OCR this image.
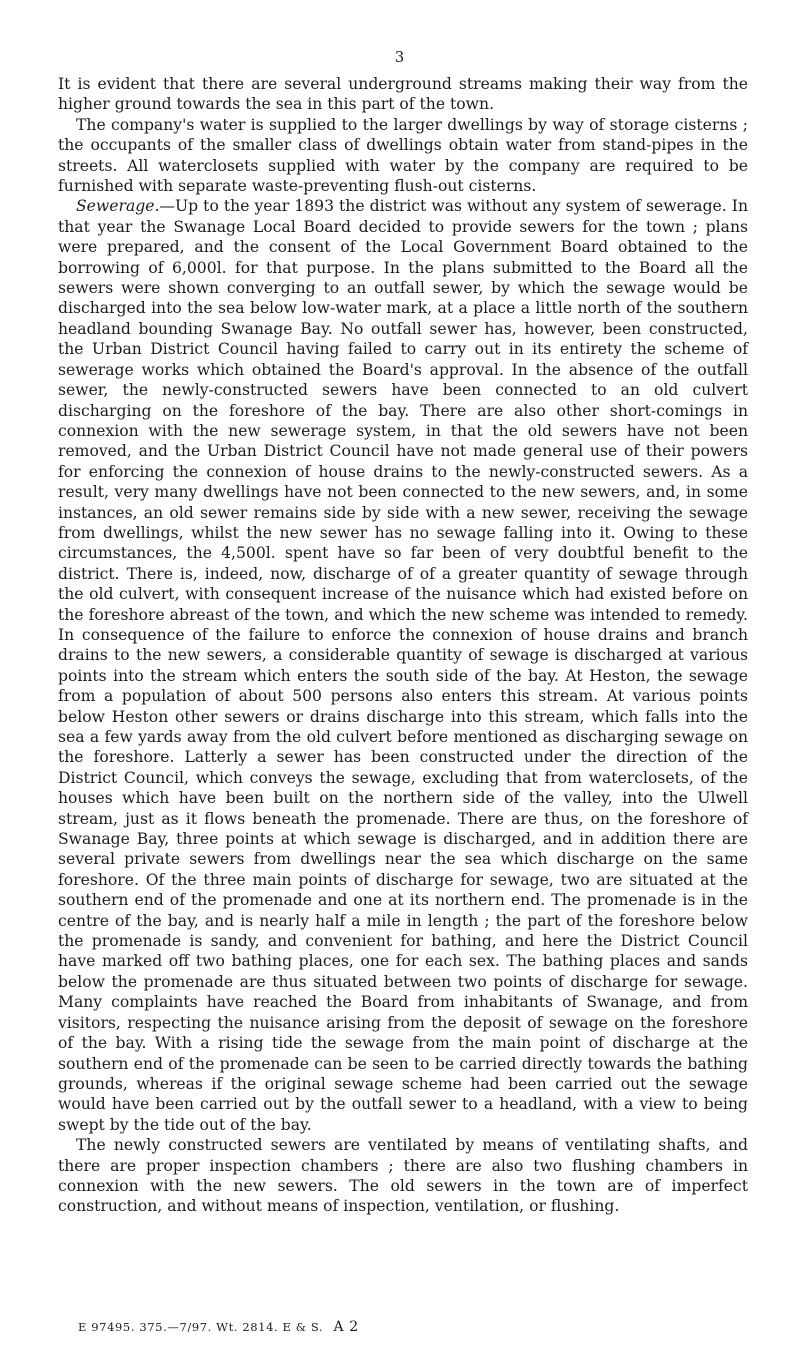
3

It is evident that there are several underground streams making their way from the higher ground towards the sea in this part of the town.

The company's water is supplied to the larger dwellings by way of storage cisterns ; the occupants of the smaller class of dwellings obtain water from stand-pipes in the streets. All waterclosets supplied with water by the company are required to be furnished with separate waste-preventing flush-out cisterns.

Sewerage.—Up to the year 1893 the district was without any system of sewerage. In that year the Swanage Local Board decided to provide sewers for the town ; plans were prepared, and the consent of the Local Government Board obtained to the borrowing of 6,000l. for that purpose. In the plans submitted to the Board all the sewers were shown converging to an outfall sewer, by which the sewage would be discharged into the sea below low-water mark, at a place a little north of the southern headland bounding Swanage Bay. No outfall sewer has, however, been constructed, the Urban District Council having failed to carry out in its entirety the scheme of sewerage works which obtained the Board's approval. In the absence of the outfall sewer, the newly-constructed sewers have been connected to an old culvert discharging on the foreshore of the bay. There are also other short-comings in connexion with the new sewerage system, in that the old sewers have not been removed, and the Urban District Council have not made general use of their powers for enforcing the connexion of house drains to the newly-constructed sewers. As a result, very many dwellings have not been connected to the new sewers, and, in some instances, an old sewer remains side by side with a new sewer, receiving the sewage from dwellings, whilst the new sewer has no sewage falling into it. Owing to these circumstances, the 4,500l. spent have so far been of very doubtful benefit to the district. There is, indeed, now, discharge of of a greater quantity of sewage through the old culvert, with consequent increase of the nuisance which had existed before on the foreshore abreast of the town, and which the new scheme was intended to remedy. In consequence of the failure to enforce the connexion of house drains and branch drains to the new sewers, a considerable quantity of sewage is discharged at various points into the stream which enters the south side of the bay. At Heston, the sewage from a population of about 500 persons also enters this stream. At various points below Heston other sewers or drains discharge into this stream, which falls into the sea a few yards away from the old culvert before mentioned as discharging sewage on the foreshore. Latterly a sewer has been constructed under the direction of the District Council, which conveys the sewage, excluding that from waterclosets, of the houses which have been built on the northern side of the valley, into the Ulwell stream, just as it flows beneath the promenade. There are thus, on the foreshore of Swanage Bay, three points at which sewage is discharged, and in addition there are several private sewers from dwellings near the sea which discharge on the same foreshore. Of the three main points of discharge for sewage, two are situated at the southern end of the promenade and one at its northern end. The promenade is in the centre of the bay, and is nearly half a mile in length ; the part of the foreshore below the promenade is sandy, and convenient for bathing, and here the District Council have marked off two bathing places, one for each sex. The bathing places and sands below the promenade are thus situated between two points of discharge for sewage. Many complaints have reached the Board from inhabitants of Swanage, and from visitors, respecting the nuisance arising from the deposit of sewage on the foreshore of the bay. With a rising tide the sewage from the main point of discharge at the southern end of the promenade can be seen to be carried directly towards the bathing grounds, whereas if the original sewage scheme had been carried out the sewage would have been carried out by the outfall sewer to a headland, with a view to being swept by the tide out of the bay.

The newly constructed sewers are ventilated by means of ventilating shafts, and there are proper inspection chambers ; there are also two flushing chambers in connexion with the new sewers. The old sewers in the town are of imperfect construction, and without means of inspection, ventilation, or flushing.

E 97495. 375.—7/97. Wt. 2814. E & S. A 2
